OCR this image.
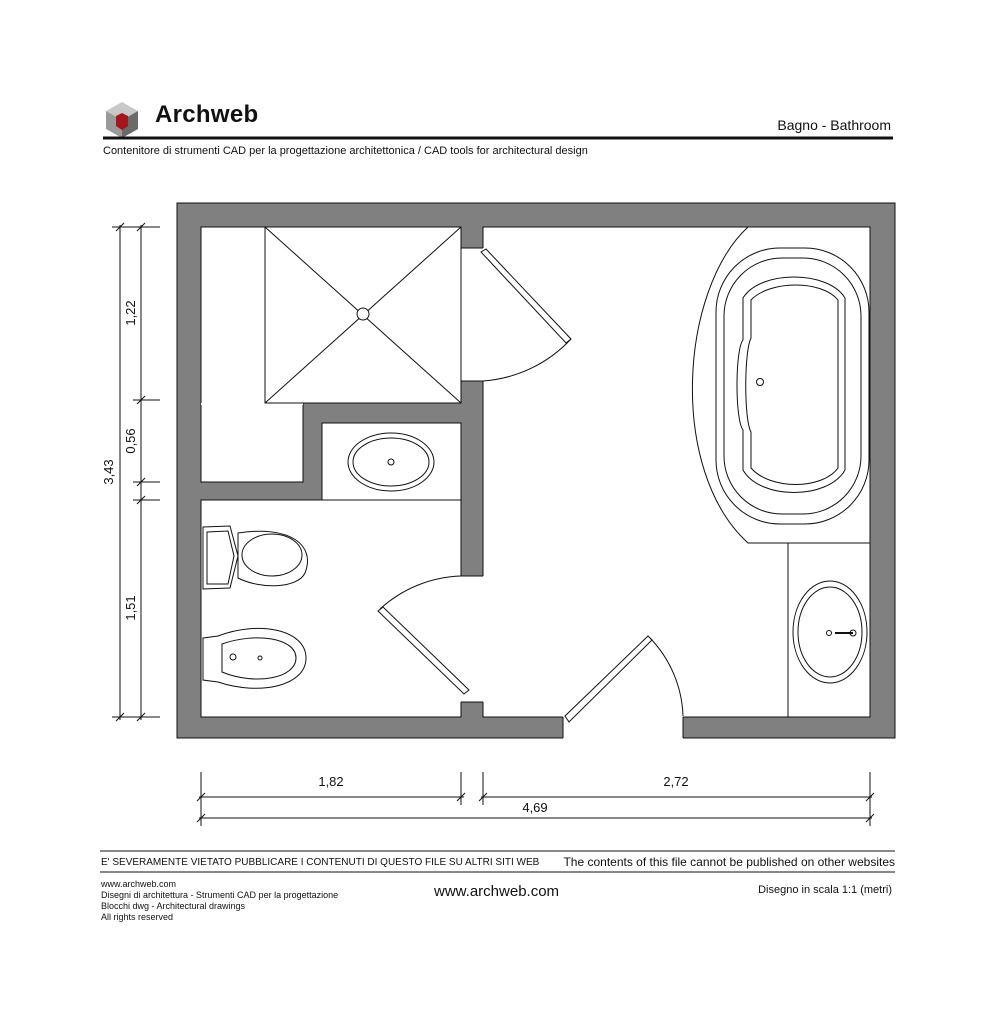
Archweb	Bagno - Bathroom
Contenitore di strumenti CAD per la progettazione architettonica / CAD tools for architectural design
3,43
1,22
0,56
1,51
1,82	2,72
4,69
E' SEVERAMENTE VIETATO PUBBLICARE I CONTENUTI DI QUESTO FILE SU ALTRI SITI WEB The contents of this file cannot be published on other websites
www.archweb.com
Disegni di architettura - Strumenti CAD per la progettazione
Blocchi dwg - Architectural drawings
All rights reserved
www.archweb.com	Disegno in scala 1:1 (metri)
